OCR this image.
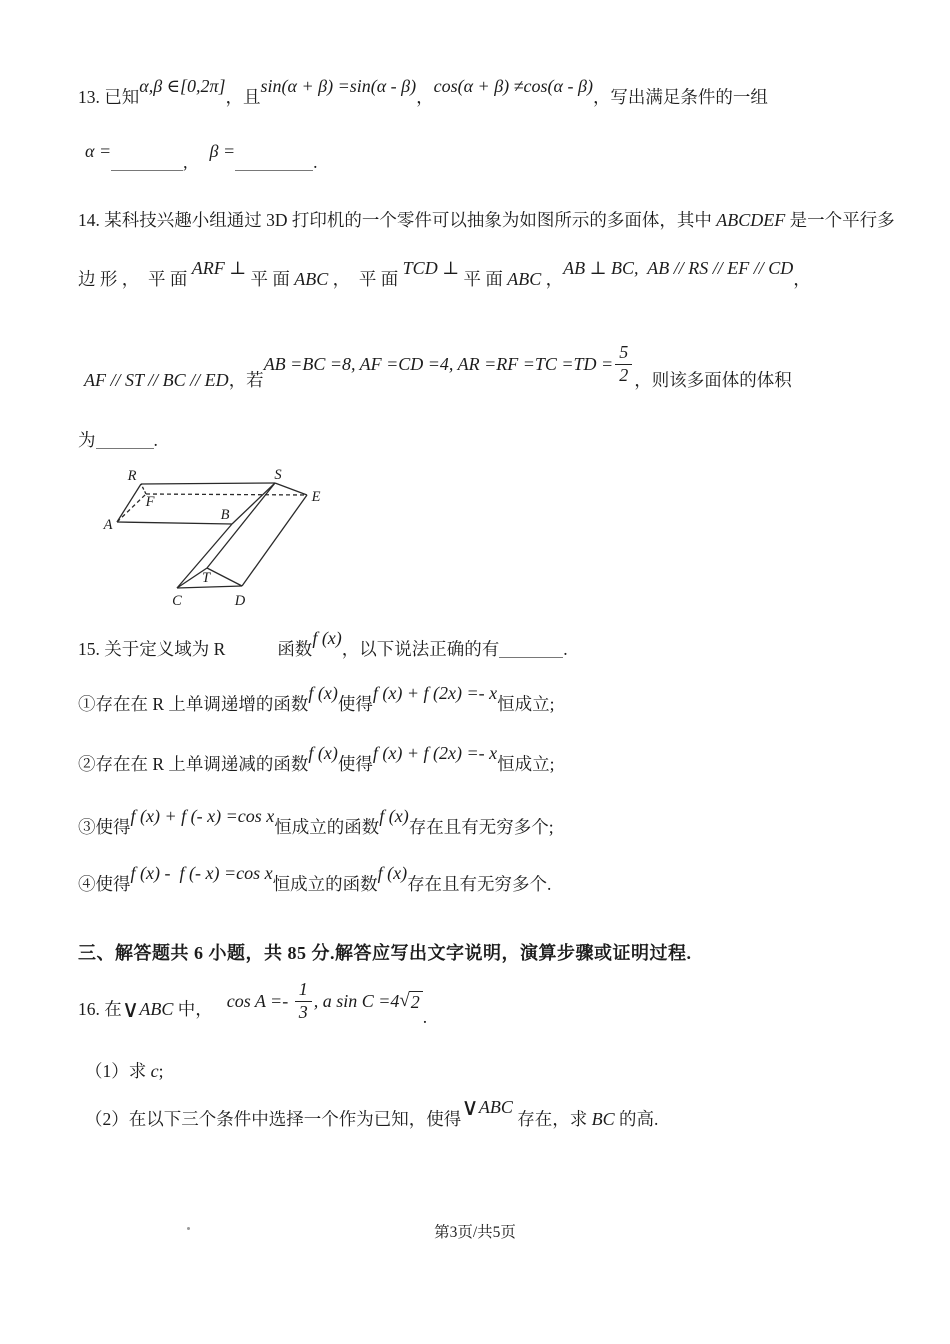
13. 已知
α,β ∈[0,2π]
，且
sin(α + β) =sin(α - β)
，
cos(α + β) ≠cos(α - β)
，写出满足条件的一组
α =
,
β =
.
14. 某科技兴趣小组通过 3D 打印机的一个零件可以抽象为如图所示的多面体，其中 ABCDEF 是一个平行多
边 形 ，  平 面
ARF ⊥
平 面 ABC ，  平 面
TCD ⊥
平 面 ABC ，
AB ⊥ BC,  AB // RS // EF // CD
，
AF // ST // BC // ED ，若
AB =BC =8, AF =CD =4, AR $=RF =TC =TD = \frac{5}{2}$ ，则该多面体的体积
为	.
R	S
E
F
A
B
T
C	D
15. 关于定义域为 R	函数
f (x)
，以下说法正确的有	.
①存在在 R 上单调递增的函数
f (x)
使得
f (x) + f (2x) =- x
恒成立;
②存在在 R 上单调递减的函数
f (x)
使得
f (x) + f (2x) =- x
恒成立;
③使得
f (x) + f (- x) =cos x
恒成立的函数
f (x)
存在且有无穷多个;
④使得
f (x) -  f (- x) =cos x
恒成立的函数
f (x)
存在且有无穷多个.
三、解答题共 6 小题，共 85 分.解答应写出文字说明，演算步骤或证明过程.
16. 在 ∨ ABC 中， $\cos A =- \frac{1}{3}$ , a sin C =4 √ 2
.
（1）求 c ;
（2）在以下三个条件中选择一个作为已知，使得 ∨ ABC
存在，求 BC 的高.
第3页/共5页
